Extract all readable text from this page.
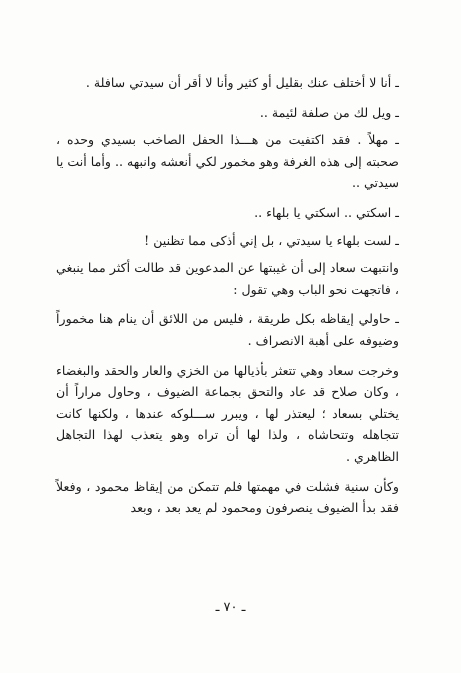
ـ أنا لا أختلف عنك بقليل أو كثير وأنا لا أقر أن سيدتي سافلة .

ـ ويل لك من صلفة لئيمة ..

ـ مهلاً . فقد اكتفيت من هـــذا الحفل الصاخب بسيدي وحده ، صحبته إلى هذه الغرفة وهو مخمور لكي أنعشه وانبهه .. وأما أنت يا سيدتي ..

ـ اسكتي .. اسكتي يا بلهاء ..

ـ لست بلهاء يا سيدتي ، بل إني أذكى مما تظنين !

وانتبهت سعاد إلى أن غيبتها عن المدعوين قد طالت أكثر مما ينبغي ، فاتجهت نحو الباب وهي تقول :

ـ حاولي إيقاظه بكل طريقة ، فليس من اللائق أن ينام هنا مخموراً وضيوفه على أهبة الانصراف .

وخرجت سعاد وهي تتعثر بأذيالها من الخزي والعار والحقد والبغضاء ، وكان صلاح قد عاد والتحق بجماعة الضيوف ، وحاول مراراً أن يختلي بسعاد ؛ ليعتذر لها ، ويبرر ســـلوكه عندها ، ولكنها كانت تتجاهله وتتحاشاه ، ولذا لها أن تراه وهو يتعذب لهذا التجاهل الظاهري .

وكأن سنية فشلت في مهمتها فلم تتمكن من إيقاظ محمود ، وفعلاً فقد بدأ الضيوف ينصرفون ومحمود لم يعد بعد ، وبعد

ـ ٧٠ ـ
